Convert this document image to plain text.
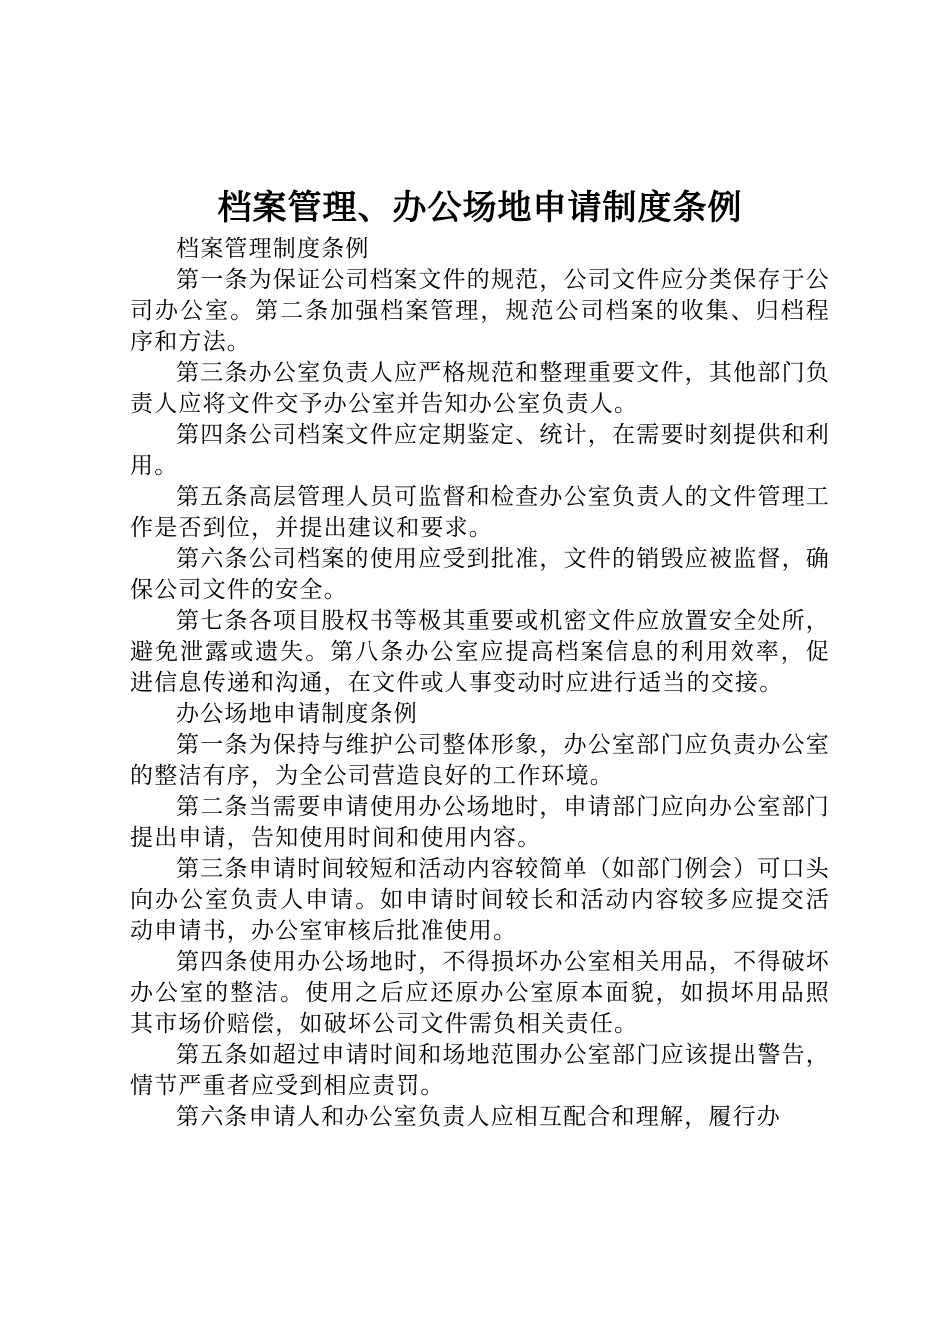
档案管理、办公场地申请制度条例

档案管理制度条例

第一条为保证公司档案文件的规范，公司文件应分类保存于公司办公室。第二条加强档案管理，规范公司档案的收集、归档程序和方法。

第三条办公室负责人应严格规范和整理重要文件，其他部门负责人应将文件交予办公室并告知办公室负责人。

第四条公司档案文件应定期鉴定、统计，在需要时刻提供和利用。

第五条高层管理人员可监督和检查办公室负责人的文件管理工作是否到位，并提出建议和要求。

第六条公司档案的使用应受到批准，文件的销毁应被监督，确保公司文件的安全。

第七条各项目股权书等极其重要或机密文件应放置安全处所，避免泄露或遗失。第八条办公室应提高档案信息的利用效率，促进信息传递和沟通，在文件或人事变动时应进行适当的交接。

办公场地申请制度条例

第一条为保持与维护公司整体形象，办公室部门应负责办公室的整洁有序，为全公司营造良好的工作环境。

第二条当需要申请使用办公场地时，申请部门应向办公室部门提出申请，告知使用时间和使用内容。

第三条申请时间较短和活动内容较简单（如部门例会）可口头向办公室负责人申请。如申请时间较长和活动内容较多应提交活动申请书，办公室审核后批准使用。

第四条使用办公场地时，不得损坏办公室相关用品，不得破坏办公室的整洁。使用之后应还原办公室原本面貌，如损坏用品照其市场价赔偿，如破坏公司文件需负相关责任。

第五条如超过申请时间和场地范围办公室部门应该提出警告，情节严重者应受到相应责罚。

第六条申请人和办公室负责人应相互配合和理解，履行办
